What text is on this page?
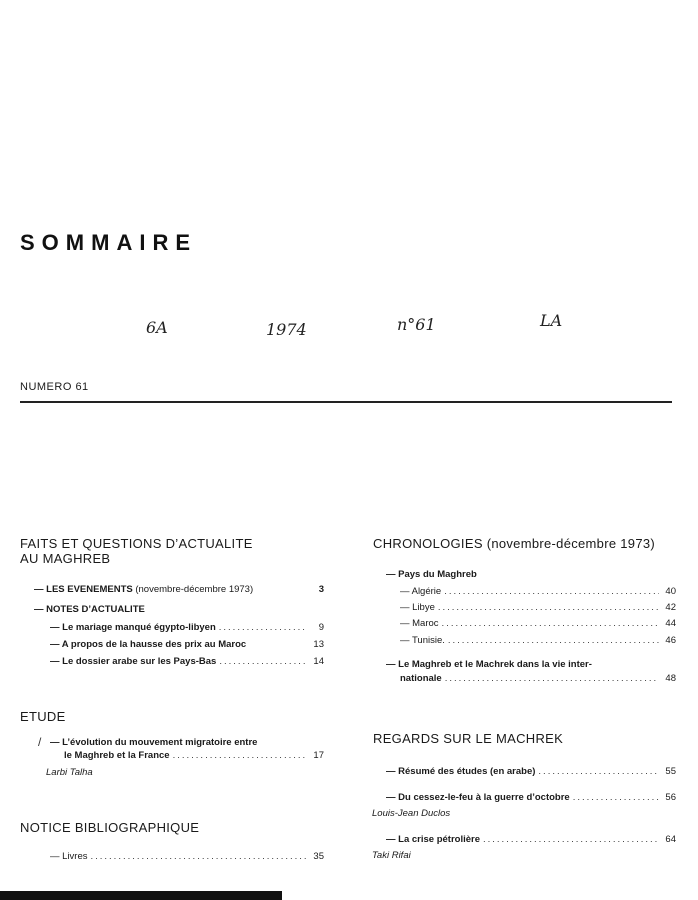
SOMMAIRE
6A	1974	n°61	LA
NUMERO 61
FAITS ET QUESTIONS D’ACTUALITE
AU MAGHREB
— LES EVENEMENTS (novembre-décembre 1973)	3
— NOTES D’ACTUALITE
— Le mariage manqué égypto-libyen .....	9
— A propos de la hausse des prix au Maroc	13
— Le dossier arabe sur les Pays-Bas .....	14
ETUDE
/ — L’évolution du mouvement migratoire entre
le Maghreb et la France .....	17
Larbi Talha
NOTICE BIBLIOGRAPHIQUE
— Livres .....	35
CHRONOLOGIES (novembre-décembre 1973)
— Pays du Maghreb
— Algérie .....	40
— Libye .....	42
— Maroc .....	44
— Tunisie. .....	46
— Le Maghreb et le Machrek dans la vie inter-
nationale .....	48
REGARDS SUR LE MACHREK
— Résumé des études (en arabe) .....	55
— Du cessez-le-feu à la guerre d’octobre .....	56
Louis-Jean Duclos
— La crise pétrolière .....	64
Taki Rifai
